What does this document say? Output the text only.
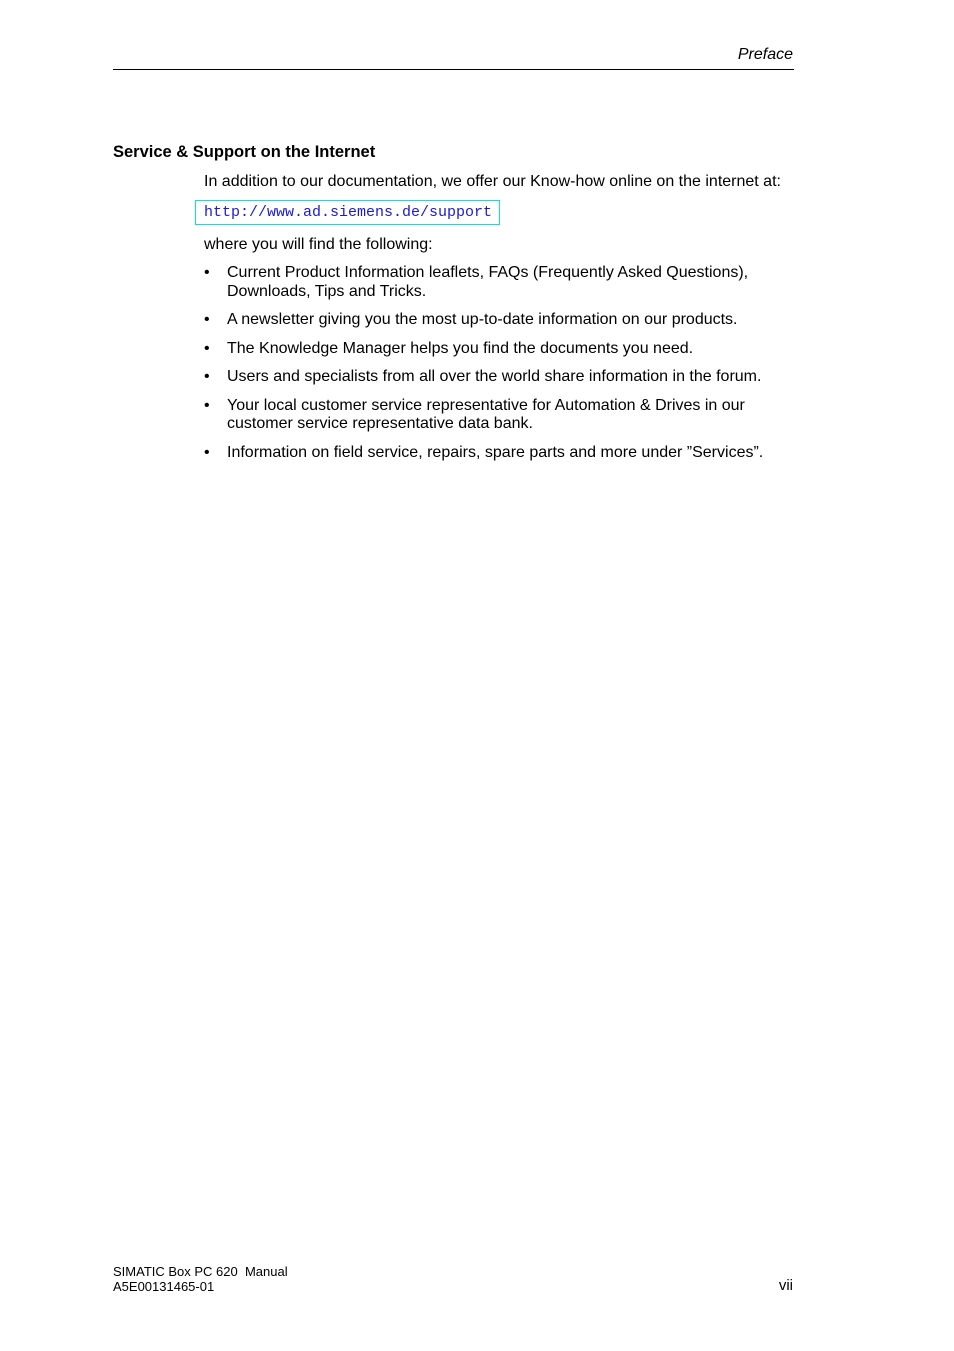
Preface
Service & Support on the Internet
In addition to our documentation, we offer our Know-how online on the internet at:
http://www.ad.siemens.de/support
where you will find the following:
• Current Product Information leaflets, FAQs (Frequently Asked Questions), Downloads, Tips and Tricks.
• A newsletter giving you the most up-to-date information on our products.
• The Knowledge Manager helps you find the documents you need.
• Users and specialists from all over the world share information in the forum.
• Your local customer service representative for Automation & Drives in our customer service representative data bank.
• Information on field service, repairs, spare parts and more under ”Services”.
SIMATIC Box PC 620  Manual
A5E00131465-01	vii
